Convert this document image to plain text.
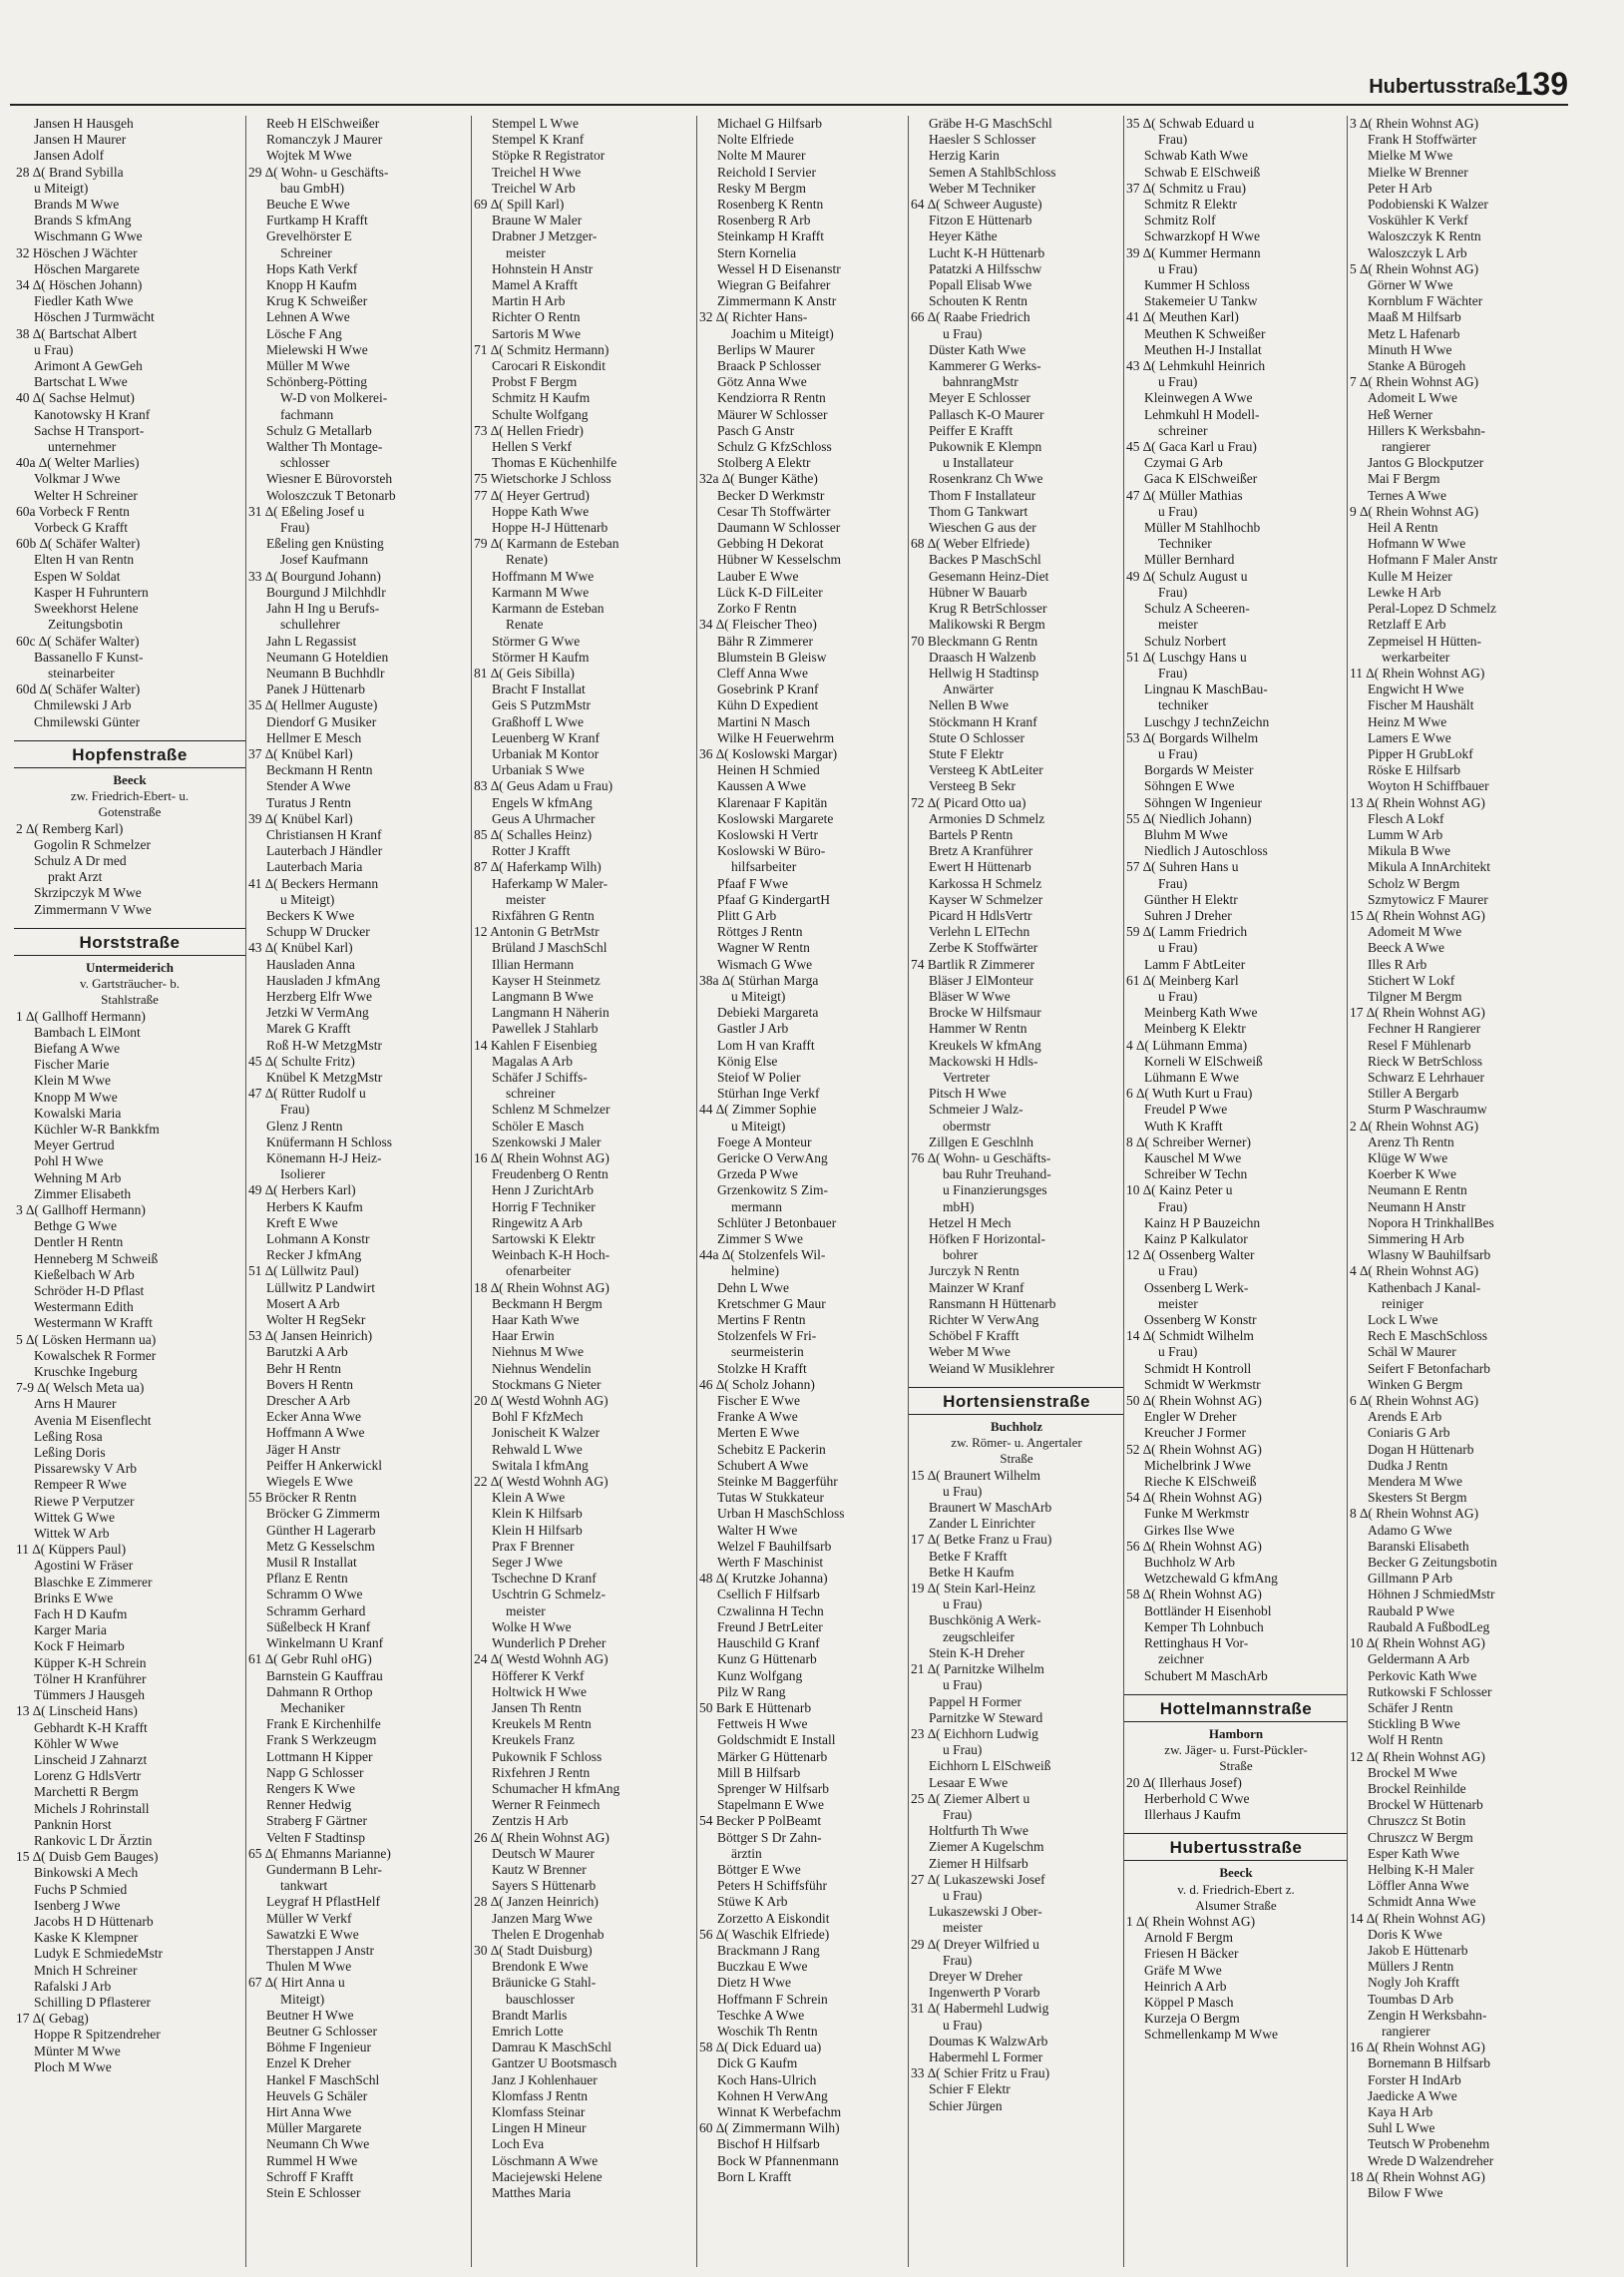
Hubertusstraße
139
Jansen H Hausgeh
Jansen H Maurer
Jansen Adolf
28 ∆( Brand Sybilla
u Miteigt)
Brands M Wwe
Brands S kfmAng
Wischmann G Wwe
32 Höschen J Wächter
Höschen Margarete
34 ∆( Höschen Johann)
Fiedler Kath Wwe
Höschen J Turmwächt
38 ∆( Bartschat Albert
u Frau)
Arimont A GewGeh
Bartschat L Wwe
40 ∆( Sachse Helmut)
Kanotowsky H Kranf
Sachse H Transport-
unternehmer
40a ∆( Welter Marlies)
Volkmar J Wwe
Welter H Schreiner
60a Vorbeck F Rentn
Vorbeck G Krafft
60b ∆( Schäfer Walter)
Elten H van Rentn
Espen W Soldat
Kasper H Fuhruntern
Sweekhorst Helene
Zeitungsbotin
60c ∆( Schäfer Walter)
Bassanello F Kunst-
steinarbeiter
60d ∆( Schäfer Walter)
Chmilewski J Arb
Chmilewski Günter
Hopfenstraße
Beeck
zw. Friedrich-Ebert- u.
Gotenstraße
2 ∆( Remberg Karl)
Gogolin R Schmelzer
Schulz A Dr med
prakt Arzt
Skrzipczyk M Wwe
Zimmermann V Wwe
Horststraße
Untermeiderich
v. Gartsträucher- b.
Stahlstraße
1 ∆( Gallhoff Hermann)
Bambach L ElMont
Biefang A Wwe
Fischer Marie
Klein M Wwe
Knopp M Wwe
Kowalski Maria
Küchler W-R Bankkfm
Meyer Gertrud
Pohl H Wwe
Wehning M Arb
Zimmer Elisabeth
3 ∆( Gallhoff Hermann)
Bethge G Wwe
Dentler H Rentn
Henneberg M Schweiß
Kießelbach W Arb
Schröder H-D Pflast
Westermann Edith
Westermann W Krafft
5 ∆( Lösken Hermann ua)
Kowalschek R Former
Kruschke Ingeburg
7-9 ∆( Welsch Meta ua)
Arns H Maurer
Avenia M Eisenflecht
Leßing Rosa
Leßing Doris
Pissarewsky V Arb
Rempeer R Wwe
Riewe P Verputzer
Wittek G Wwe
Wittek W Arb
11 ∆( Küppers Paul)
Agostini W Fräser
Blaschke E Zimmerer
Brinks E Wwe
Fach H D Kaufm
Karger Maria
Kock F Heimarb
Küpper K-H Schrein
Tölner H Kranführer
Tümmers J Hausgeh
13 ∆( Linscheid Hans)
Gebhardt K-H Krafft
Köhler W Wwe
Linscheid J Zahnarzt
Lorenz G HdlsVertr
Marchetti R Bergm
Michels J Rohrinstall
Panknin Horst
Rankovic L Dr Ärztin
15 ∆( Duisb Gem Bauges)
Binkowski A Mech
Fuchs P Schmied
Isenberg J Wwe
Jacobs H D Hüttenarb
Kaske K Klempner
Ludyk E SchmiedeMstr
Mnich H Schreiner
Rafalski J Arb
Schilling D Pflasterer
17 ∆( Gebag)
Hoppe R Spitzendreher
Münter M Wwe
Ploch M Wwe
Reeb H ElSchweißer
Romanczyk J Maurer
Wojtek M Wwe
29 ∆( Wohn- u Geschäfts-
bau GmbH)
Beuche E Wwe
Furtkamp H Krafft
Grevelhörster E
Schreiner
Hops Kath Verkf
Knopp H Kaufm
Krug K Schweißer
Lehnen A Wwe
Lösche F Ang
Mielewski H Wwe
Müller M Wwe
Schönberg-Pötting
W-D von Molkerei-
fachmann
Schulz G Metallarb
Walther Th Montage-
schlosser
Wiesner E Bürovorsteh
Woloszczuk T Betonarb
31 ∆( Eßeling Josef u
Frau)
Eßeling gen Knüsting
Josef Kaufmann
33 ∆( Bourgund Johann)
Bourgund J Milchhdlr
Jahn H Ing u Berufs-
schullehrer
Jahn L Regassist
Neumann G Hoteldien
Neumann B Buchhdlr
Panek J Hüttenarb
35 ∆( Hellmer Auguste)
Diendorf G Musiker
Hellmer E Mesch
37 ∆( Knübel Karl)
Beckmann H Rentn
Stender A Wwe
Turatus J Rentn
39 ∆( Knübel Karl)
Christiansen H Kranf
Lauterbach J Händler
Lauterbach Maria
41 ∆( Beckers Hermann
u Miteigt)
Beckers K Wwe
Schupp W Drucker
43 ∆( Knübel Karl)
Hausladen Anna
Hausladen J kfmAng
Herzberg Elfr Wwe
Jetzki W VermAng
Marek G Krafft
Roß H-W MetzgMstr
45 ∆( Schulte Fritz)
Knübel K MetzgMstr
47 ∆( Rütter Rudolf u
Frau)
Glenz J Rentn
Knüfermann H Schloss
Könemann H-J Heiz-
Isolierer
49 ∆( Herbers Karl)
Herbers K Kaufm
Kreft E Wwe
Lohmann A Konstr
Recker J kfmAng
51 ∆( Lüllwitz Paul)
Lüllwitz P Landwirt
Mosert A Arb
Wolter H RegSekr
53 ∆( Jansen Heinrich)
Barutzki A Arb
Behr H Rentn
Bovers H Rentn
Drescher A Arb
Ecker Anna Wwe
Hoffmann A Wwe
Jäger H Anstr
Peiffer H Ankerwickl
Wiegels E Wwe
55 Bröcker R Rentn
Bröcker G Zimmerm
Günther H Lagerarb
Metz G Kesselschm
Musil R Installat
Pflanz E Rentn
Schramm O Wwe
Schramm Gerhard
Süßelbeck H Kranf
Winkelmann U Kranf
61 ∆( Gebr Ruhl oHG)
Barnstein G Kauffrau
Dahmann R Orthop
Mechaniker
Frank E Kirchenhilfe
Frank S Werkzeugm
Lottmann H Kipper
Napp G Schlosser
Rengers K Wwe
Renner Hedwig
Straberg F Gärtner
Velten F Stadtinsp
65 ∆( Ehmanns Marianne)
Gundermann B Lehr-
tankwart
Leygraf H PflastHelf
Müller W Verkf
Sawatzki E Wwe
Therstappen J Anstr
Thulen M Wwe
67 ∆( Hirt Anna u
Miteigt)
Beutner H Wwe
Beutner G Schlosser
Böhme F Ingenieur
Enzel K Dreher
Hankel F MaschSchl
Heuvels G Schäler
Hirt Anna Wwe
Müller Margarete
Neumann Ch Wwe
Rummel H Wwe
Schroff F Krafft
Stein E Schlosser
Stempel L Wwe
Stempel K Kranf
Stöpke R Registrator
Treichel H Wwe
Treichel W Arb
69 ∆( Spill Karl)
Braune W Maler
Drabner J Metzger-
meister
Hohnstein H Anstr
Mamel A Krafft
Martin H Arb
Richter O Rentn
Sartoris M Wwe
71 ∆( Schmitz Hermann)
Carocari R Eiskondit
Probst F Bergm
Schmitz H Kaufm
Schulte Wolfgang
73 ∆( Hellen Friedr)
Hellen S Verkf
Thomas E Küchenhilfe
75 Wietschorke J Schloss
77 ∆( Heyer Gertrud)
Hoppe Kath Wwe
Hoppe H-J Hüttenarb
79 ∆( Karmann de Esteban
Renate)
Hoffmann M Wwe
Karmann M Wwe
Karmann de Esteban
Renate
Störmer G Wwe
Störmer H Kaufm
81 ∆( Geis Sibilla)
Bracht F Installat
Geis S PutzmMstr
Graßhoff L Wwe
Leuenberg W Kranf
Urbaniak M Kontor
Urbaniak S Wwe
83 ∆( Geus Adam u Frau)
Engels W kfmAng
Geus A Uhrmacher
85 ∆( Schalles Heinz)
Rotter J Krafft
87 ∆( Haferkamp Wilh)
Haferkamp W Maler-
meister
Rixfähren G Rentn
12 Antonin G BetrMstr
Brüland J MaschSchl
Illian Hermann
Kayser H Steinmetz
Langmann B Wwe
Langmann H Näherin
Pawellek J Stahlarb
14 Kahlen F Eisenbieg
Magalas A Arb
Schäfer J Schiffs-
schreiner
Schlenz M Schmelzer
Schöler E Masch
Szenkowski J Maler
16 ∆( Rhein Wohnst AG)
Freudenberg O Rentn
Henn J ZurichtArb
Horrig F Techniker
Ringewitz A Arb
Sartowski K Elektr
Weinbach K-H Hoch-
ofenarbeiter
18 ∆( Rhein Wohnst AG)
Beckmann H Bergm
Haar Kath Wwe
Haar Erwin
Niehnus M Wwe
Niehnus Wendelin
Stockmans G Nieter
20 ∆( Westd Wohnh AG)
Bohl F KfzMech
Jonischeit K Walzer
Rehwald L Wwe
Switala I kfmAng
22 ∆( Westd Wohnh AG)
Klein A Wwe
Klein K Hilfsarb
Klein H Hilfsarb
Prax F Brenner
Seger J Wwe
Tschechne D Kranf
Uschtrin G Schmelz-
meister
Wolke H Wwe
Wunderlich P Dreher
24 ∆( Westd Wohnh AG)
Höfferer K Verkf
Holtwick H Wwe
Jansen Th Rentn
Kreukels M Rentn
Kreukels Franz
Pukownik F Schloss
Rixfehren J Rentn
Schumacher H kfmAng
Werner R Feinmech
Zentzis H Arb
26 ∆( Rhein Wohnst AG)
Deutsch W Maurer
Kautz W Brenner
Sayers S Hüttenarb
28 ∆( Janzen Heinrich)
Janzen Marg Wwe
Thelen E Drogenhab
30 ∆( Stadt Duisburg)
Brendonk E Wwe
Bräunicke G Stahl-
bauschlosser
Brandt Marlis
Emrich Lotte
Damrau K MaschSchl
Gantzer U Bootsmasch
Janz J Kohlenhauer
Klomfass J Rentn
Klomfass Steinar
Lingen H Mineur
Loch Eva
Löschmann A Wwe
Maciejewski Helene
Matthes Maria
Michael G Hilfsarb
Nolte Elfriede
Nolte M Maurer
Reichold I Servier
Resky M Bergm
Rosenberg K Rentn
Rosenberg R Arb
Steinkamp H Krafft
Stern Kornelia
Wessel H D Eisenanstr
Wiegran G Beifahrer
Zimmermann K Anstr
32 ∆( Richter Hans-
Joachim u Miteigt)
Berlips W Maurer
Braack P Schlosser
Götz Anna Wwe
Kendziorra R Rentn
Mäurer W Schlosser
Pasch G Anstr
Schulz G KfzSchloss
Stolberg A Elektr
32a ∆( Bunger Käthe)
Becker D Werkmstr
Cesar Th Stoffwärter
Daumann W Schlosser
Gebbing H Dekorat
Hübner W Kesselschm
Lauber E Wwe
Lück K-D FilLeiter
Zorko F Rentn
34 ∆( Fleischer Theo)
Bähr R Zimmerer
Blumstein B Gleisw
Cleff Anna Wwe
Gosebrink P Kranf
Kühn D Expedient
Martini N Masch
Wilke H Feuerwehrm
36 ∆( Koslowski Margar)
Heinen H Schmied
Kaussen A Wwe
Klarenaar F Kapitän
Koslowski Margarete
Koslowski H Vertr
Koslowski W Büro-
hilfsarbeiter
Pfaaf F Wwe
Pfaaf G KindergartH
Plitt G Arb
Röttges J Rentn
Wagner W Rentn
Wismach G Wwe
38a ∆( Stürhan Marga
u Miteigt)
Debieki Margareta
Gastler J Arb
Lom H van Krafft
König Else
Steiof W Polier
Stürhan Inge Verkf
44 ∆( Zimmer Sophie
u Miteigt)
Foege A Monteur
Gericke O VerwAng
Grzeda P Wwe
Grzenkowitz S Zim-
mermann
Schlüter J Betonbauer
Zimmer S Wwe
44a ∆( Stolzenfels Wil-
helmine)
Dehn L Wwe
Kretschmer G Maur
Mertins F Rentn
Stolzenfels W Fri-
seurmeisterin
Stolzke H Krafft
46 ∆( Scholz Johann)
Fischer E Wwe
Franke A Wwe
Merten E Wwe
Schebitz E Packerin
Schubert A Wwe
Steinke M Baggerführ
Tutas W Stukkateur
Urban H MaschSchloss
Walter H Wwe
Welzel F Bauhilfsarb
Werth F Maschinist
48 ∆( Krutzke Johanna)
Csellich F Hilfsarb
Czwalinna H Techn
Freund J BetrLeiter
Hauschild G Kranf
Kunz G Hüttenarb
Kunz Wolfgang
Pilz W Rang
50 Bark E Hüttenarb
Fettweis H Wwe
Goldschmidt E Install
Märker G Hüttenarb
Mill B Hilfsarb
Sprenger W Hilfsarb
Stapelmann E Wwe
54 Becker P PolBeamt
Böttger S Dr Zahn-
ärztin
Böttger E Wwe
Peters H Schiffsführ
Stüwe K Arb
Zorzetto A Eiskondit
56 ∆( Waschik Elfriede)
Brackmann J Rang
Buczkau E Wwe
Dietz H Wwe
Hoffmann F Schrein
Teschke A Wwe
Woschik Th Rentn
58 ∆( Dick Eduard ua)
Dick G Kaufm
Koch Hans-Ulrich
Kohnen H VerwAng
Winnat K Werbefachm
60 ∆( Zimmermann Wilh)
Bischof H Hilfsarb
Bock W Pfannenmann
Born L Krafft
Gräbe H-G MaschSchl
Haesler S Schlosser
Herzig Karin
Semen A StahlbSchloss
Weber M Techniker
64 ∆( Schweer Auguste)
Fitzon E Hüttenarb
Heyer Käthe
Lucht K-H Hüttenarb
Patatzki A Hilfsschw
Popall Elisab Wwe
Schouten K Rentn
66 ∆( Raabe Friedrich
u Frau)
Düster Kath Wwe
Kammerer G Werks-
bahnrangMstr
Meyer E Schlosser
Pallasch K-O Maurer
Peiffer E Krafft
Pukownik E Klempn
u Installateur
Rosenkranz Ch Wwe
Thom F Installateur
Thom G Tankwart
Wieschen G aus der
68 ∆( Weber Elfriede)
Backes P MaschSchl
Gesemann Heinz-Diet
Hübner W Bauarb
Krug R BetrSchlosser
Malikowski R Bergm
70 Bleckmann G Rentn
Draasch H Walzenb
Hellwig H Stadtinsp
Anwärter
Nellen B Wwe
Stöckmann H Kranf
Stute O Schlosser
Stute F Elektr
Versteeg K AbtLeiter
Versteeg B Sekr
72 ∆( Picard Otto ua)
Armonies D Schmelz
Bartels P Rentn
Bretz A Kranführer
Ewert H Hüttenarb
Karkossa H Schmelz
Kayser W Schmelzer
Picard H HdlsVertr
Verlehn L ElTechn
Zerbe K Stoffwärter
74 Bartlik R Zimmerer
Bläser J ElMonteur
Bläser W Wwe
Brocke W Hilfsmaur
Hammer W Rentn
Kreukels W kfmAng
Mackowski H Hdls-
Vertreter
Pitsch H Wwe
Schmeier J Walz-
obermstr
Zillgen E Geschlnh
76 ∆( Wohn- u Geschäfts-
bau Ruhr Treuhand-
u Finanzierungsges
mbH)
Hetzel H Mech
Höfken F Horizontal-
bohrer
Jurczyk N Rentn
Mainzer W Kranf
Ransmann H Hüttenarb
Richter W VerwAng
Schöbel F Krafft
Weber M Wwe
Weiand W Musiklehrer
Hortensienstraße
Buchholz
zw. Römer- u. Angertaler
Straße
15 ∆( Braunert Wilhelm
u Frau)
Braunert W MaschArb
Zander L Einrichter
17 ∆( Betke Franz u Frau)
Betke F Krafft
Betke H Kaufm
19 ∆( Stein Karl-Heinz
u Frau)
Buschkönig A Werk-
zeugschleifer
Stein K-H Dreher
21 ∆( Parnitzke Wilhelm
u Frau)
Pappel H Former
Parnitzke W Steward
23 ∆( Eichhorn Ludwig
u Frau)
Eichhorn L ElSchweiß
Lesaar E Wwe
25 ∆( Ziemer Albert u
Frau)
Holtfurth Th Wwe
Ziemer A Kugelschm
Ziemer H Hilfsarb
27 ∆( Lukaszewski Josef
u Frau)
Lukaszewski J Ober-
meister
29 ∆( Dreyer Wilfried u
Frau)
Dreyer W Dreher
Ingenwerth P Vorarb
31 ∆( Habermehl Ludwig
u Frau)
Doumas K WalzwArb
Habermehl L Former
33 ∆( Schier Fritz u Frau)
Schier F Elektr
Schier Jürgen
35 ∆( Schwab Eduard u
Frau)
Schwab Kath Wwe
Schwab E ElSchweiß
37 ∆( Schmitz u Frau)
Schmitz R Elektr
Schmitz Rolf
Schwarzkopf H Wwe
39 ∆( Kummer Hermann
u Frau)
Kummer H Schloss
Stakemeier U Tankw
41 ∆( Meuthen Karl)
Meuthen K Schweißer
Meuthen H-J Installat
43 ∆( Lehmkuhl Heinrich
u Frau)
Kleinwegen A Wwe
Lehmkuhl H Modell-
schreiner
45 ∆( Gaca Karl u Frau)
Czymai G Arb
Gaca K ElSchweißer
47 ∆( Müller Mathias
u Frau)
Müller M Stahlhochb
Techniker
Müller Bernhard
49 ∆( Schulz August u
Frau)
Schulz A Scheeren-
meister
Schulz Norbert
51 ∆( Luschgy Hans u
Frau)
Lingnau K MaschBau-
techniker
Luschgy J technZeichn
53 ∆( Borgards Wilhelm
u Frau)
Borgards W Meister
Söhngen E Wwe
Söhngen W Ingenieur
55 ∆( Niedlich Johann)
Bluhm M Wwe
Niedlich J Autoschloss
57 ∆( Suhren Hans u
Frau)
Günther H Elektr
Suhren J Dreher
59 ∆( Lamm Friedrich
u Frau)
Lamm F AbtLeiter
61 ∆( Meinberg Karl
u Frau)
Meinberg Kath Wwe
Meinberg K Elektr
4 ∆( Lühmann Emma)
Korneli W ElSchweiß
Lühmann E Wwe
6 ∆( Wuth Kurt u Frau)
Freudel P Wwe
Wuth K Krafft
8 ∆( Schreiber Werner)
Kauschel M Wwe
Schreiber W Techn
10 ∆( Kainz Peter u
Frau)
Kainz H P Bauzeichn
Kainz P Kalkulator
12 ∆( Ossenberg Walter
u Frau)
Ossenberg L Werk-
meister
Ossenberg W Konstr
14 ∆( Schmidt Wilhelm
u Frau)
Schmidt H Kontroll
Schmidt W Werkmstr
50 ∆( Rhein Wohnst AG)
Engler W Dreher
Kreucher J Former
52 ∆( Rhein Wohnst AG)
Michelbrink J Wwe
Rieche K ElSchweiß
54 ∆( Rhein Wohnst AG)
Funke M Werkmstr
Girkes Ilse Wwe
56 ∆( Rhein Wohnst AG)
Buchholz W Arb
Wetzchewald G kfmAng
58 ∆( Rhein Wohnst AG)
Bottländer H Eisenhobl
Kemper Th Lohnbuch
Rettinghaus H Vor-
zeichner
Schubert M MaschArb
Hottelmannstraße
Hamborn
zw. Jäger- u. Furst-Pückler-
Straße
20 ∆( Illerhaus Josef)
Herberhold C Wwe
Illerhaus J Kaufm
Hubertusstraße
Beeck
v. d. Friedrich-Ebert z.
Alsumer Straße
1 ∆( Rhein Wohnst AG)
Arnold F Bergm
Friesen H Bäcker
Gräfe M Wwe
Heinrich A Arb
Köppel P Masch
Kurzeja O Bergm
Schmellenkamp M Wwe
3 ∆( Rhein Wohnst AG)
Frank H Stoffwärter
Mielke M Wwe
Mielke W Brenner
Peter H Arb
Podobienski K Walzer
Voskühler K Verkf
Waloszczyk K Rentn
Waloszczyk L Arb
5 ∆( Rhein Wohnst AG)
Görner W Wwe
Kornblum F Wächter
Maaß M Hilfsarb
Metz L Hafenarb
Minuth H Wwe
Stanke A Bürogeh
7 ∆( Rhein Wohnst AG)
Adomeit L Wwe
Heß Werner
Hillers K Werksbahn-
rangierer
Jantos G Blockputzer
Mai F Bergm
Ternes A Wwe
9 ∆( Rhein Wohnst AG)
Heil A Rentn
Hofmann W Wwe
Hofmann F Maler Anstr
Kulle M Heizer
Lewke H Arb
Peral-Lopez D Schmelz
Retzlaff E Arb
Zepmeisel H Hütten-
werkarbeiter
11 ∆( Rhein Wohnst AG)
Engwicht H Wwe
Fischer M Haushält
Heinz M Wwe
Lamers E Wwe
Pipper H GrubLokf
Röske E Hilfsarb
Woyton H Schiffbauer
13 ∆( Rhein Wohnst AG)
Flesch A Lokf
Lumm W Arb
Mikula B Wwe
Mikula A InnArchitekt
Scholz W Bergm
Szmytowicz F Maurer
15 ∆( Rhein Wohnst AG)
Adomeit M Wwe
Beeck A Wwe
Illes R Arb
Stichert W Lokf
Tilgner M Bergm
17 ∆( Rhein Wohnst AG)
Fechner H Rangierer
Resel F Mühlenarb
Rieck W BetrSchloss
Schwarz E Lehrhauer
Stiller A Bergarb
Sturm P Waschraumw
2 ∆( Rhein Wohnst AG)
Arenz Th Rentn
Klüge W Wwe
Koerber K Wwe
Neumann E Rentn
Neumann H Anstr
Nopora H TrinkhallBes
Simmering H Arb
Wlasny W Bauhilfsarb
4 ∆( Rhein Wohnst AG)
Kathenbach J Kanal-
reiniger
Lock L Wwe
Rech E MaschSchloss
Schäl W Maurer
Seifert F Betonfacharb
Winken G Bergm
6 ∆( Rhein Wohnst AG)
Arends E Arb
Coniaris G Arb
Dogan H Hüttenarb
Dudka J Rentn
Mendera M Wwe
Skesters St Bergm
8 ∆( Rhein Wohnst AG)
Adamo G Wwe
Baranski Elisabeth
Becker G Zeitungsbotin
Gillmann P Arb
Höhnen J SchmiedMstr
Raubald P Wwe
Raubald A FußbodLeg
10 ∆( Rhein Wohnst AG)
Geldermann A Arb
Perkovic Kath Wwe
Rutkowski F Schlosser
Schäfer J Rentn
Stickling B Wwe
Wolf H Rentn
12 ∆( Rhein Wohnst AG)
Brockel M Wwe
Brockel Reinhilde
Brockel W Hüttenarb
Chruszcz St Botin
Chruszcz W Bergm
Esper Kath Wwe
Helbing K-H Maler
Löffler Anna Wwe
Schmidt Anna Wwe
14 ∆( Rhein Wohnst AG)
Doris K Wwe
Jakob E Hüttenarb
Müllers J Rentn
Nogly Joh Krafft
Toumbas D Arb
Zengin H Werksbahn-
rangierer
16 ∆( Rhein Wohnst AG)
Bornemann B Hilfsarb
Forster H IndArb
Jaedicke A Wwe
Kaya H Arb
Suhl L Wwe
Teutsch W Probenehm
Wrede D Walzendreher
18 ∆( Rhein Wohnst AG)
Bilow F Wwe
